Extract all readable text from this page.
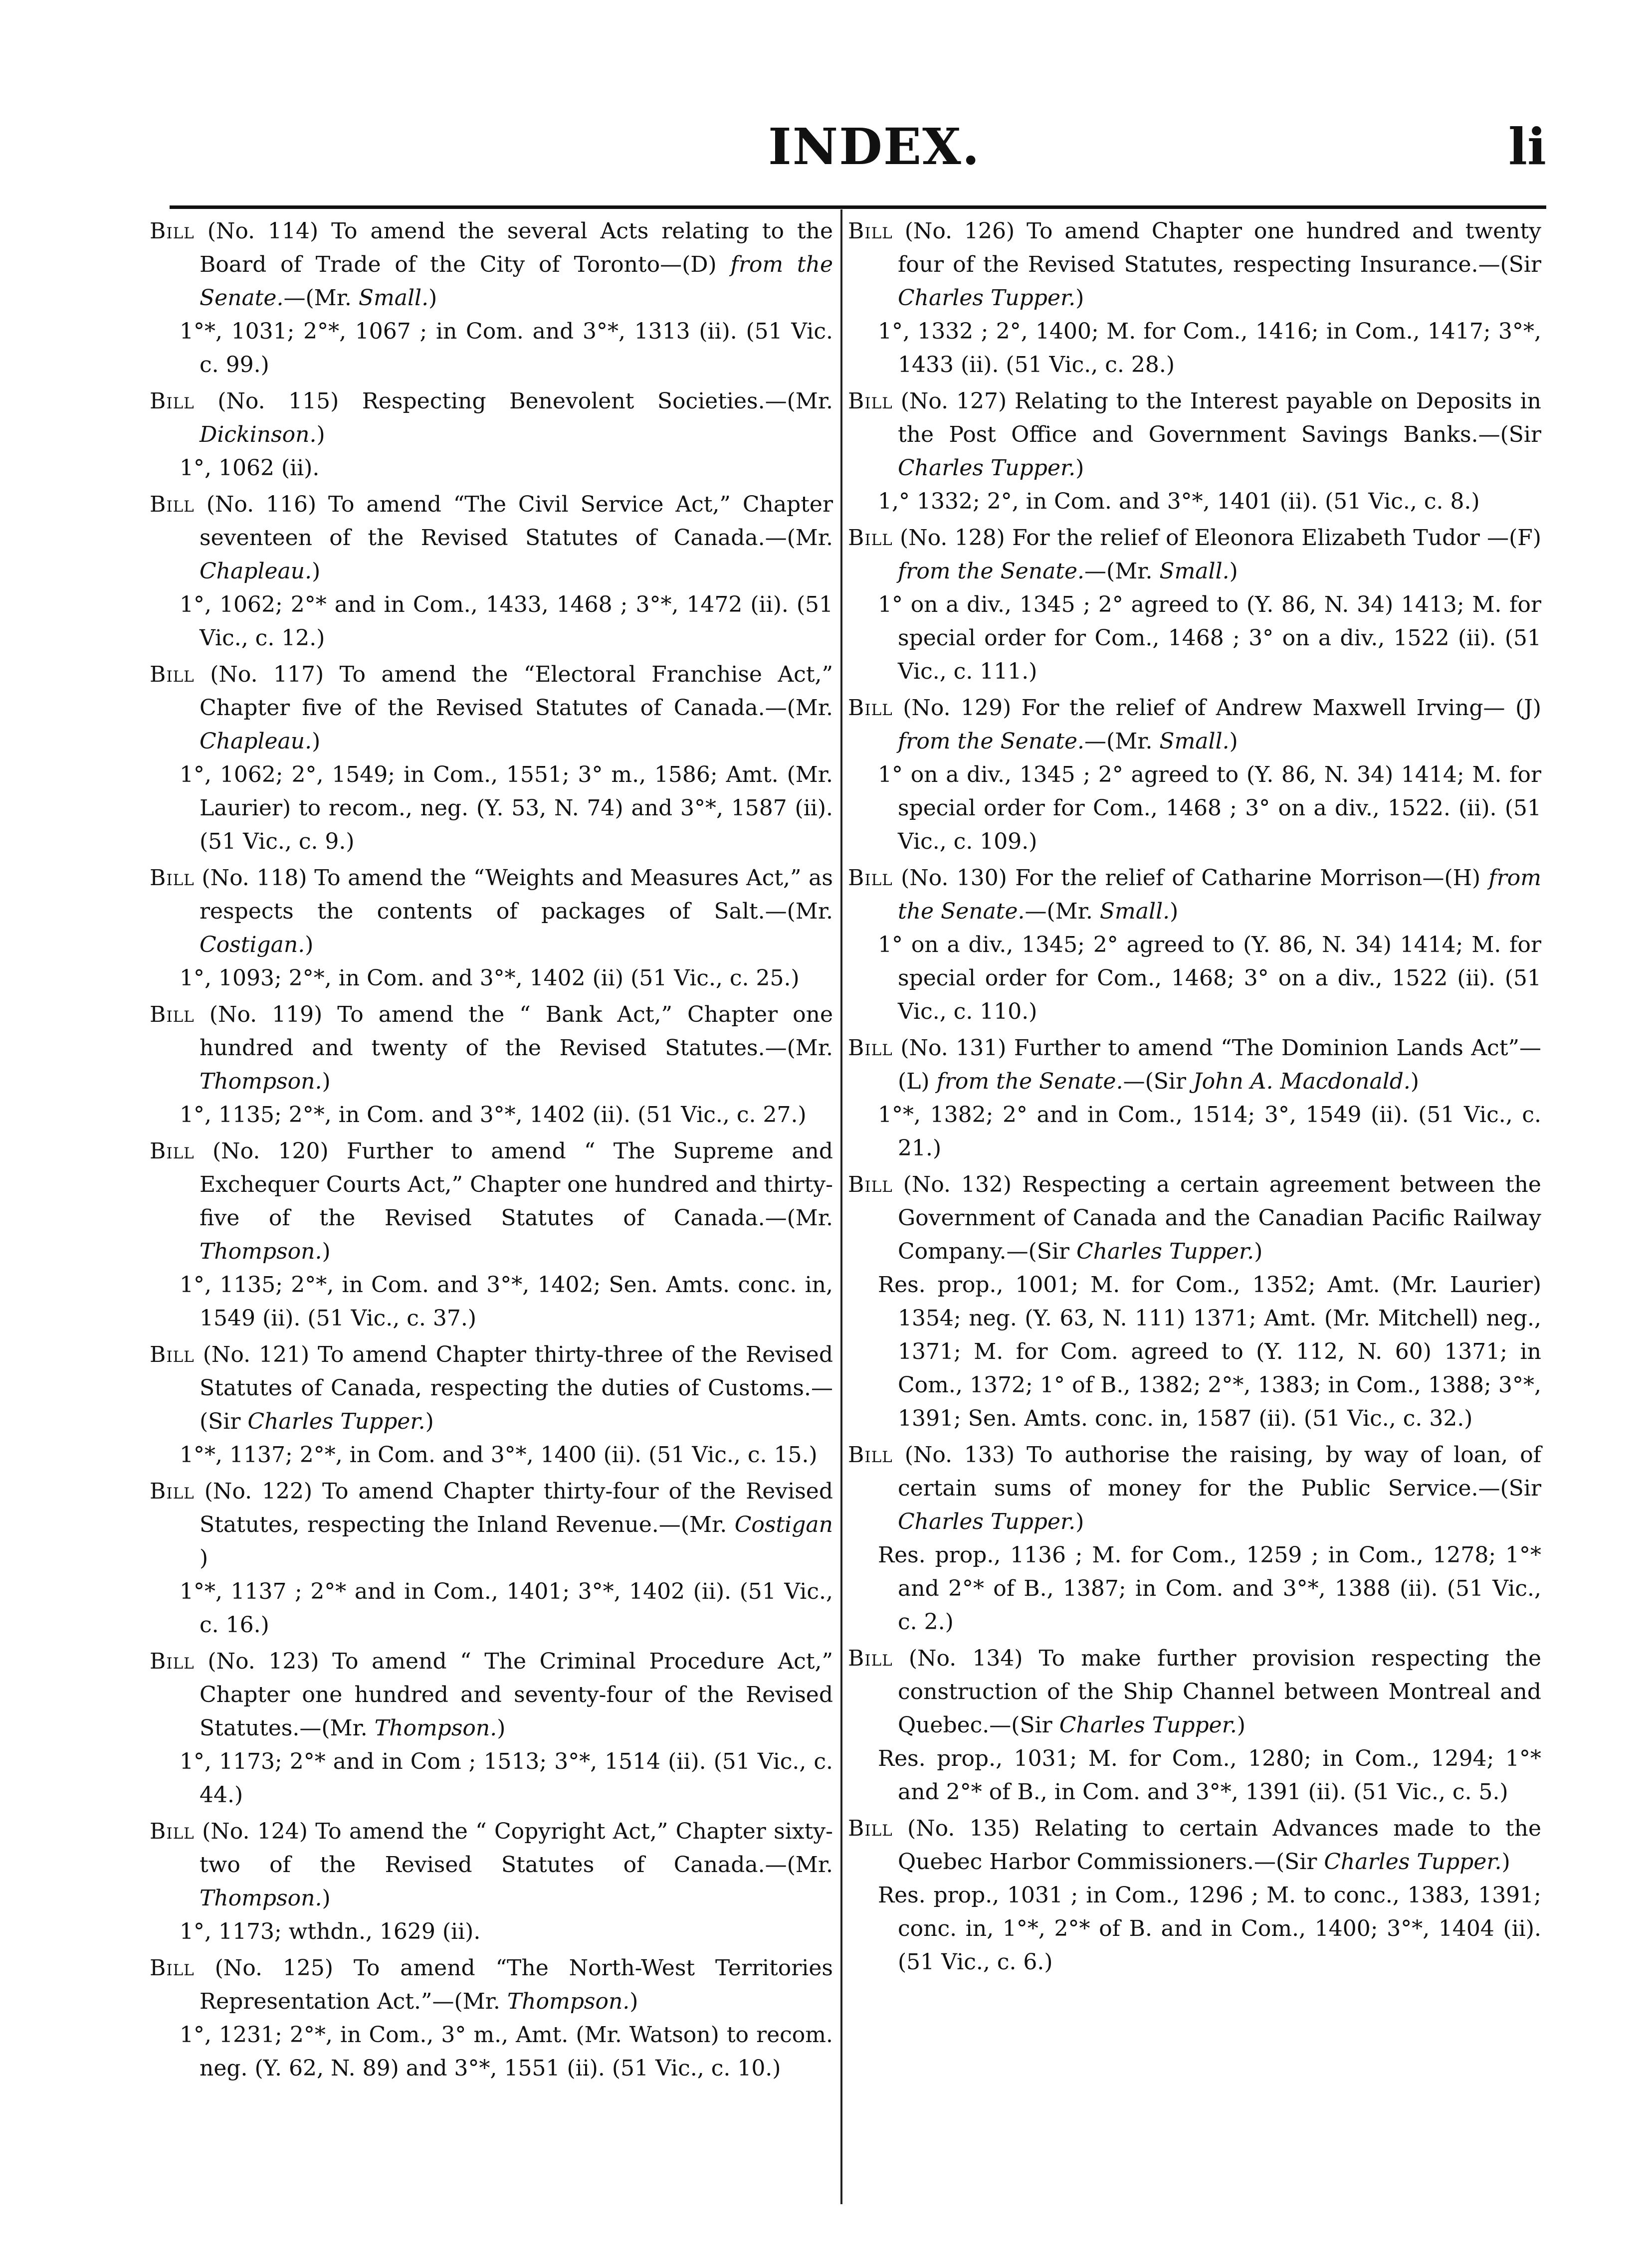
INDEX.	li
Bill (No. 114) To amend the several Acts relating to the Board of Trade of the City of Toronto—(D) from the Senate.—(Mr. Small.)
1°*, 1031; 2°*, 1067 ; in Com. and 3°*, 1313 (ii). (51 Vic. c. 99.)
Bill (No. 115) Respecting Benevolent Societies.—(Mr. Dickinson.)
1°, 1062 (ii).
Bill (No. 116) To amend “The Civil Service Act,” Chapter seventeen of the Revised Statutes of Canada.—(Mr. Chapleau.)
1°, 1062; 2°* and in Com., 1433, 1468 ; 3°*, 1472 (ii). (51 Vic., c. 12.)
Bill (No. 117) To amend the “Electoral Franchise Act,” Chapter five of the Revised Statutes of Canada.—(Mr. Chapleau.)
1°, 1062; 2°, 1549; in Com., 1551; 3° m., 1586; Amt. (Mr. Laurier) to recom., neg. (Y. 53, N. 74) and 3°*, 1587 (ii). (51 Vic., c. 9.)
Bill (No. 118) To amend the “Weights and Measures Act,” as respects the contents of packages of Salt.—(Mr. Costigan.)
1°, 1093; 2°*, in Com. and 3°*, 1402 (ii) (51 Vic., c. 25.)
Bill (No. 119) To amend the “ Bank Act,” Chapter one hundred and twenty of the Revised Statutes.—(Mr. Thompson.)
1°, 1135; 2°*, in Com. and 3°*, 1402 (ii). (51 Vic., c. 27.)
Bill (No. 120) Further to amend “ The Supreme and Exchequer Courts Act,” Chapter one hundred and thirty-five of the Revised Statutes of Canada.—(Mr. Thompson.)
1°, 1135; 2°*, in Com. and 3°*, 1402; Sen. Amts. conc. in, 1549 (ii). (51 Vic., c. 37.)
Bill (No. 121) To amend Chapter thirty-three of the Revised Statutes of Canada, respecting the duties of Customs.—(Sir Charles Tupper.)
1°*, 1137; 2°*, in Com. and 3°*, 1400 (ii). (51 Vic., c. 15.)
Bill (No. 122) To amend Chapter thirty-four of the Revised Statutes, respecting the Inland Revenue.—(Mr. Costigan )
1°*, 1137 ; 2°* and in Com., 1401; 3°*, 1402 (ii). (51 Vic., c. 16.)
Bill (No. 123) To amend “ The Criminal Procedure Act,” Chapter one hundred and seventy-four of the Revised Statutes.—(Mr. Thompson.)
1°, 1173; 2°* and in Com ; 1513; 3°*, 1514 (ii). (51 Vic., c. 44.)
Bill (No. 124) To amend the “ Copyright Act,” Chapter sixty-two of the Revised Statutes of Canada.—(Mr. Thompson.)
1°, 1173; wthdn., 1629 (ii).
Bill (No. 125) To amend “The North-West Territories Representation Act.”—(Mr. Thompson.)
1°, 1231; 2°*, in Com., 3° m., Amt. (Mr. Watson) to recom. neg. (Y. 62, N. 89) and 3°*, 1551 (ii). (51 Vic., c. 10.)
Bill (No. 126) To amend Chapter one hundred and twenty four of the Revised Statutes, respecting Insurance.—(Sir Charles Tupper.)
1°, 1332 ; 2°, 1400; M. for Com., 1416; in Com., 1417; 3°*, 1433 (ii). (51 Vic., c. 28.)
Bill (No. 127) Relating to the Interest payable on Deposits in the Post Office and Government Savings Banks.—(Sir Charles Tupper.)
1,° 1332; 2°, in Com. and 3°*, 1401 (ii). (51 Vic., c. 8.)
Bill (No. 128) For the relief of Eleonora Elizabeth Tudor —(F) from the Senate.—(Mr. Small.)
1° on a div., 1345 ; 2° agreed to (Y. 86, N. 34) 1413; M. for special order for Com., 1468 ; 3° on a div., 1522 (ii). (51 Vic., c. 111.)
Bill (No. 129) For the relief of Andrew Maxwell Irving— (J) from the Senate.—(Mr. Small.)
1° on a div., 1345 ; 2° agreed to (Y. 86, N. 34) 1414; M. for special order for Com., 1468 ; 3° on a div., 1522. (ii). (51 Vic., c. 109.)
Bill (No. 130) For the relief of Catharine Morrison—(H) from the Senate.—(Mr. Small.)
1° on a div., 1345; 2° agreed to (Y. 86, N. 34) 1414; M. for special order for Com., 1468; 3° on a div., 1522 (ii). (51 Vic., c. 110.)
Bill (No. 131) Further to amend “The Dominion Lands Act”—(L) from the Senate.—(Sir John A. Macdonald.)
1°*, 1382; 2° and in Com., 1514; 3°, 1549 (ii). (51 Vic., c. 21.)
Bill (No. 132) Respecting a certain agreement between the Government of Canada and the Canadian Pacific Railway Company.—(Sir Charles Tupper.)
Res. prop., 1001; M. for Com., 1352; Amt. (Mr. Laurier) 1354; neg. (Y. 63, N. 111) 1371; Amt. (Mr. Mitchell) neg., 1371; M. for Com. agreed to (Y. 112, N. 60) 1371; in Com., 1372; 1° of B., 1382; 2°*, 1383; in Com., 1388; 3°*, 1391; Sen. Amts. conc. in, 1587 (ii). (51 Vic., c. 32.)
Bill (No. 133) To authorise the raising, by way of loan, of certain sums of money for the Public Service.—(Sir Charles Tupper.)
Res. prop., 1136 ; M. for Com., 1259 ; in Com., 1278; 1°* and 2°* of B., 1387; in Com. and 3°*, 1388 (ii). (51 Vic., c. 2.)
Bill (No. 134) To make further provision respecting the construction of the Ship Channel between Montreal and Quebec.—(Sir Charles Tupper.)
Res. prop., 1031; M. for Com., 1280; in Com., 1294; 1°* and 2°* of B., in Com. and 3°*, 1391 (ii). (51 Vic., c. 5.)
Bill (No. 135) Relating to certain Advances made to the Quebec Harbor Commissioners.—(Sir Charles Tupper.)
Res. prop., 1031 ; in Com., 1296 ; M. to conc., 1383, 1391; conc. in, 1°*, 2°* of B. and in Com., 1400; 3°*, 1404 (ii). (51 Vic., c. 6.)
